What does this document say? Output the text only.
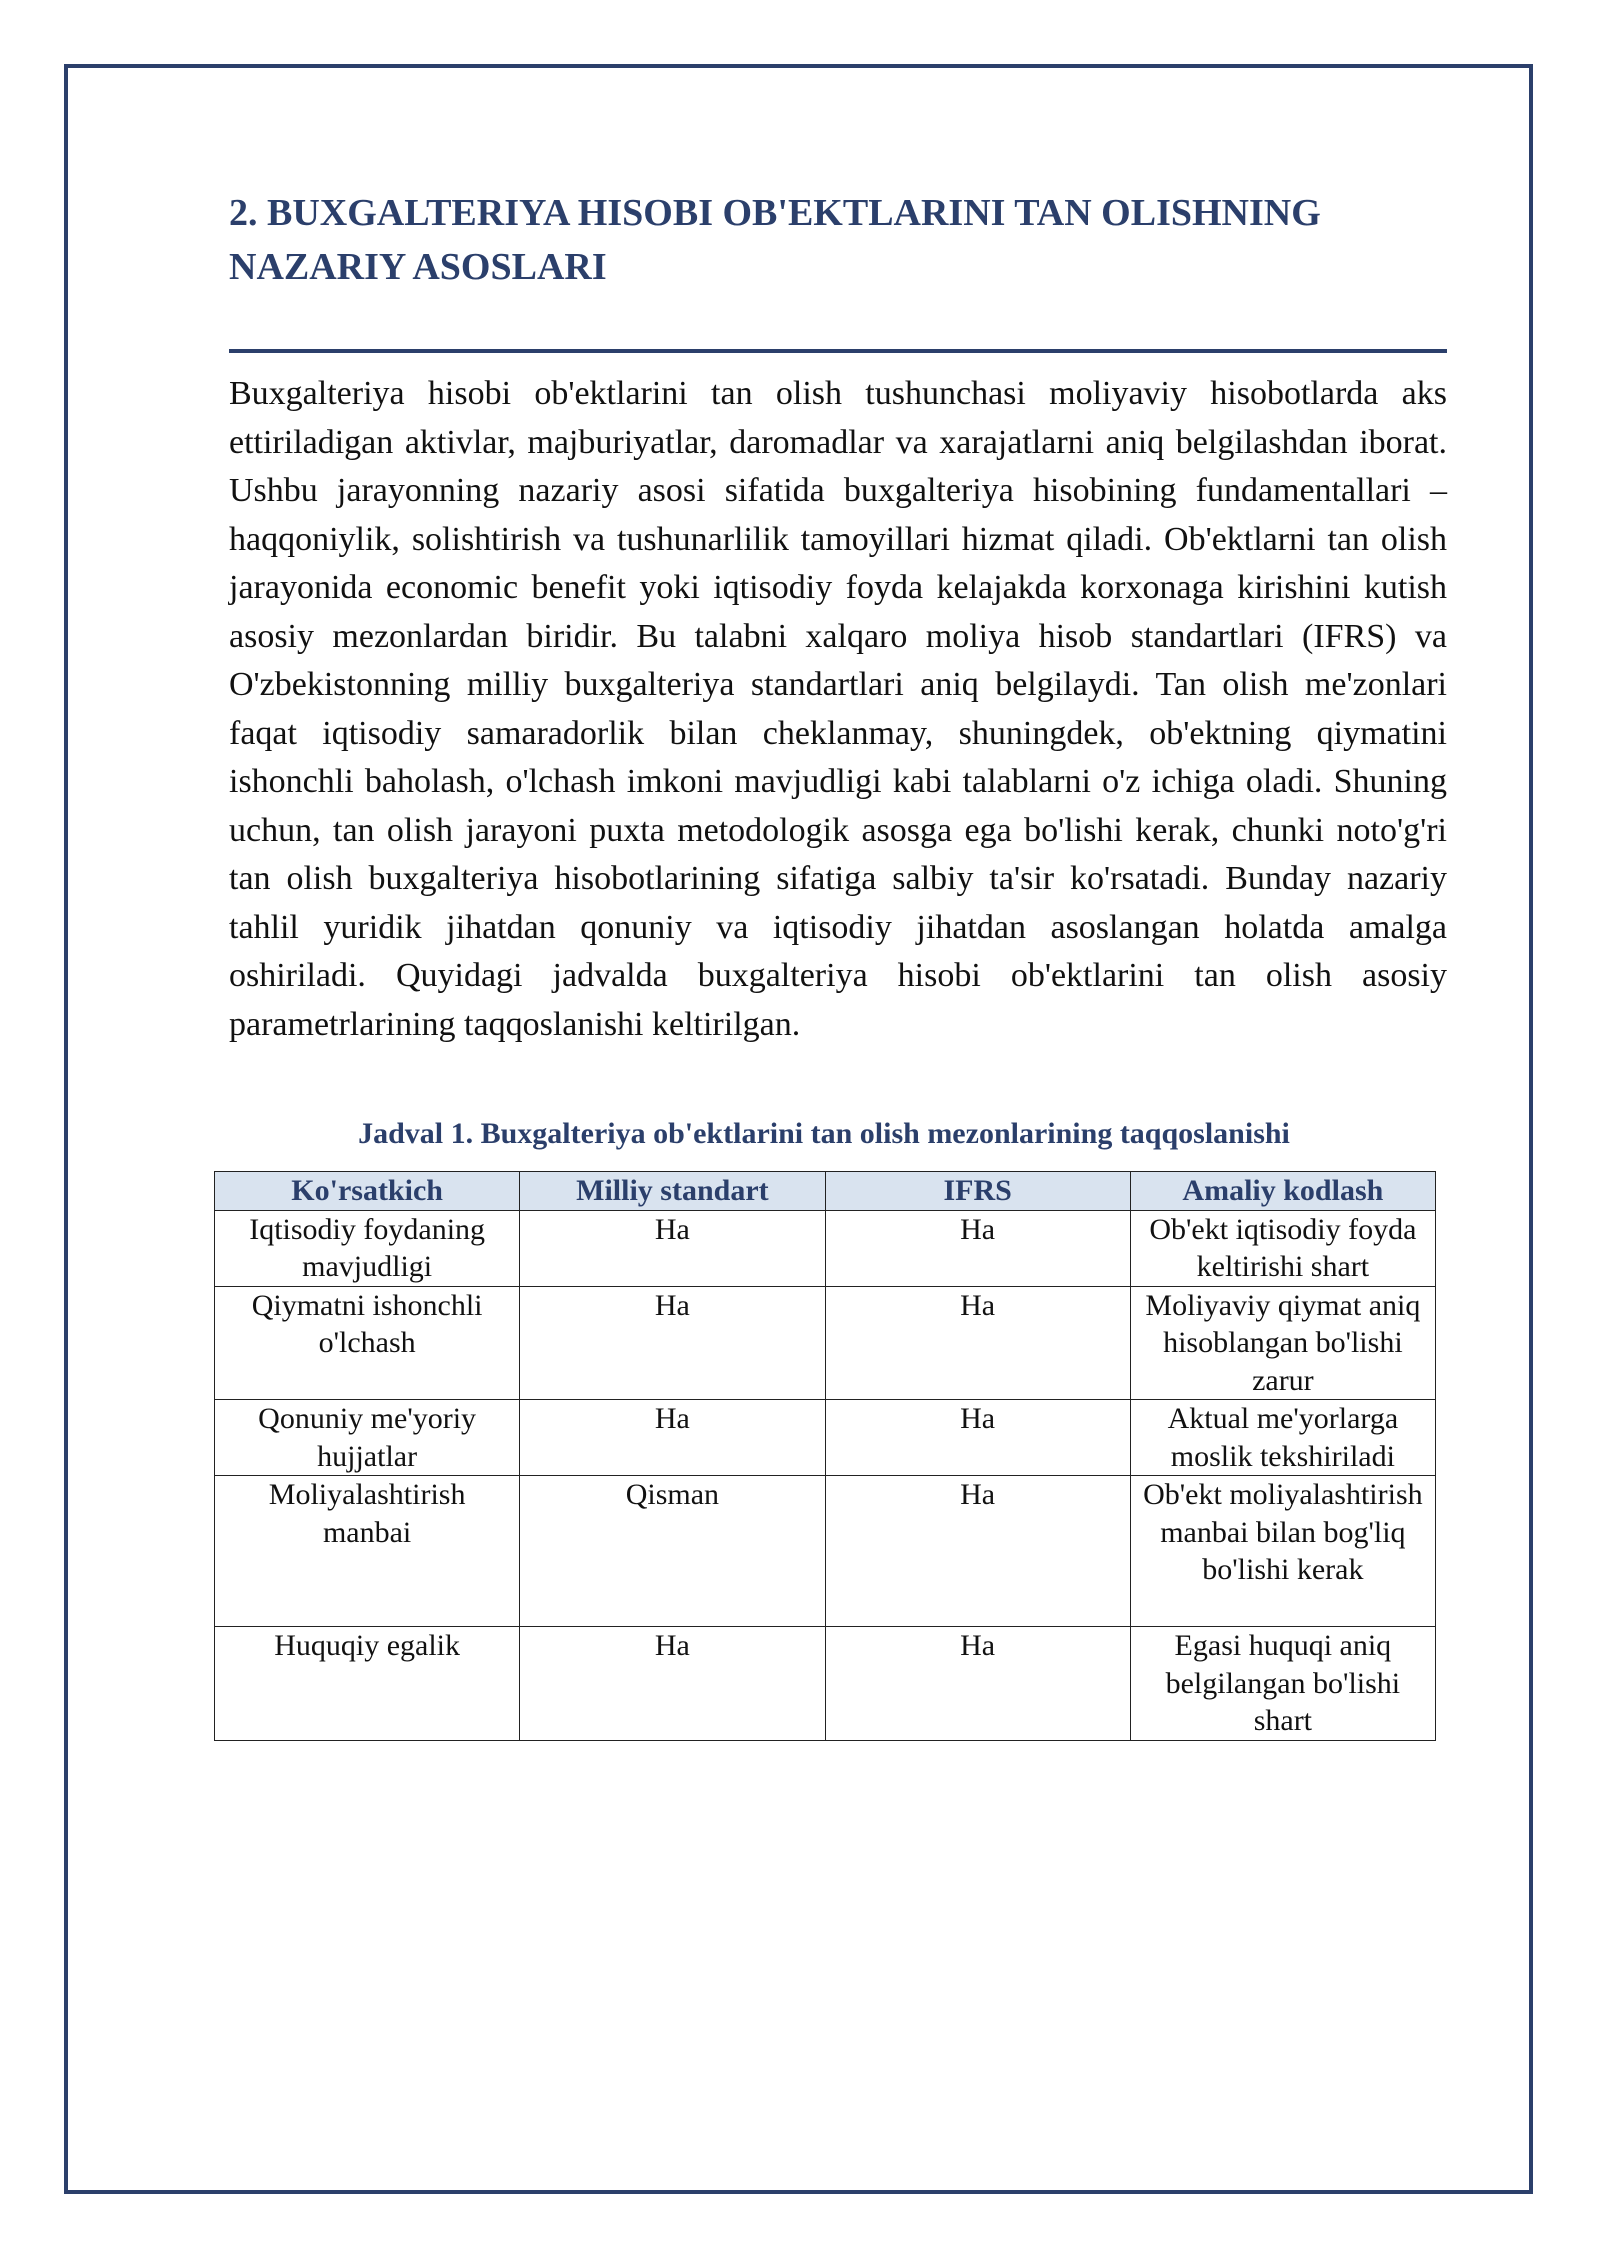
2. BUXGALTERIYA HISOBI OB'EKTLARINI TAN OLISHNING NAZARIY ASOSLARI

Buxgalteriya hisobi ob'ektlarini tan olish tushunchasi moliyaviy hisobotlarda aks ettiriladigan aktivlar, majburiyatlar, daromadlar va xarajatlarni aniq belgilashdan iborat. Ushbu jarayonning nazariy asosi sifatida buxgalteriya hisobining fundamentallari – haqqoniylik, solishtirish va tushunarlilik tamoyillari hizmat qiladi. Ob'ektlarni tan olish jarayonida economic benefit yoki iqtisodiy foyda kelajakda korxonaga kirishini kutish asosiy mezonlardan biridir. Bu talabni xalqaro moliya hisob standartlari (IFRS) va O'zbekistonning milliy buxgalteriya standartlari aniq belgilaydi. Tan olish me'zonlari faqat iqtisodiy samaradorlik bilan cheklanmay, shuningdek, ob'ektning qiymatini ishonchli baholash, o'lchash imkoni mavjudligi kabi talablarni o'z ichiga oladi. Shuning uchun, tan olish jarayoni puxta metodologik asosga ega bo'lishi kerak, chunki noto'g'ri tan olish buxgalteriya hisobotlarining sifatiga salbiy ta'sir ko'rsatadi. Bunday nazariy tahlil yuridik jihatdan qonuniy va iqtisodiy jihatdan asoslangan holatda amalga oshiriladi. Quyidagi jadvalda buxgalteriya hisobi ob'ektlarini tan olish asosiy parametrlarining taqqoslanishi keltirilgan.

Jadval 1. Buxgalteriya ob'ektlarini tan olish mezonlarining taqqoslanishi
Ko'rsatkich	Milliy standart	IFRS	Amaliy kodlash
Iqtisodiy foydaning mavjudligi	Ha	Ha	Ob'ekt iqtisodiy foyda keltirishi shart
Qiymatni ishonchli o'lchash	Ha	Ha	Moliyaviy qiymat aniq hisoblangan bo'lishi zarur
Qonuniy me'yoriy hujjatlar	Ha	Ha	Aktual me'yorlarga moslik tekshiriladi
Moliyalashtirish manbai	Qisman	Ha	Ob'ekt moliyalashtirish manbai bilan bog'liq bo'lishi kerak
Huquqiy egalik	Ha	Ha	Egasi huquqi aniq belgilangan bo'lishi shart
